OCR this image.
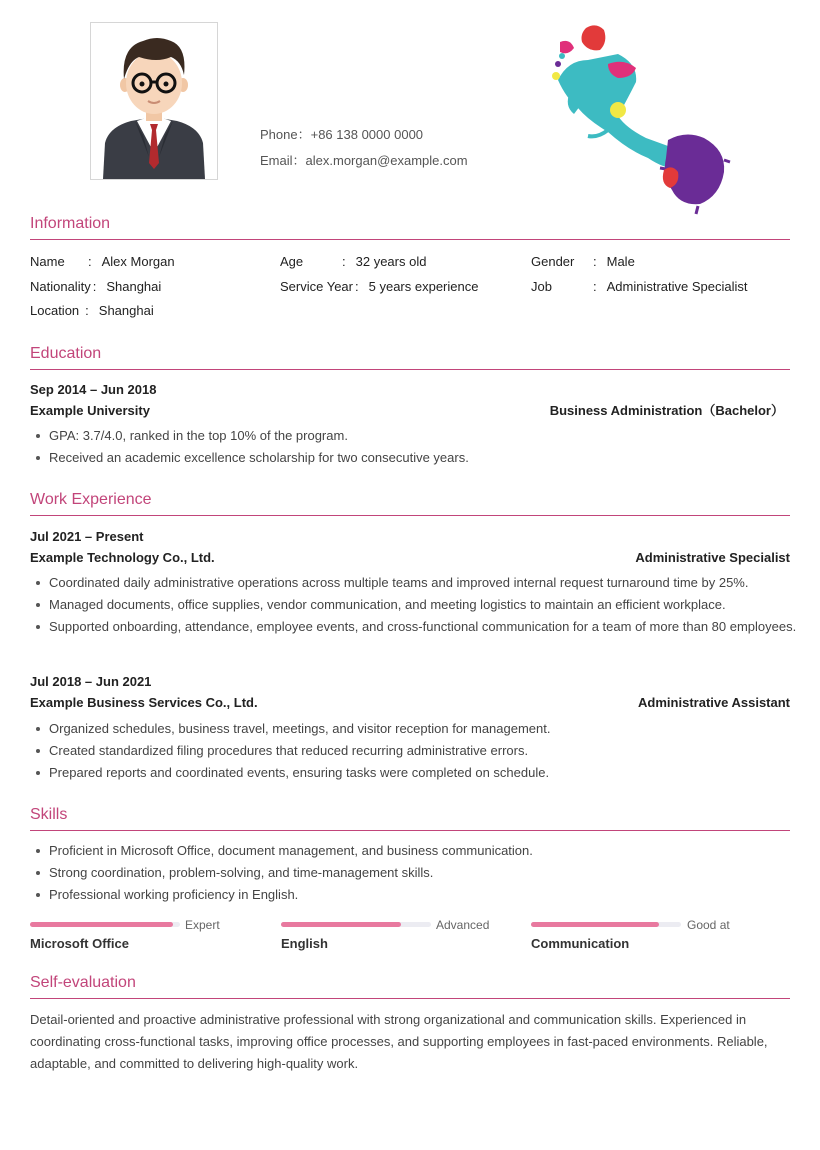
Phone：+86 138 0000 0000
Email：alex.morgan@example.com
Information
Name : Alex Morgan	Age	: 32 years old	Gender : Male
Nationality : Shanghai	Service Year : 5 years experience	Job	: Administrative Specialist
Location : Shanghai
Education
Sep 2014 – Jun 2018
Example University	Business Administration（Bachelor）
GPA: 3.7/4.0, ranked in the top 10% of the program.
Received an academic excellence scholarship for two consecutive years.
Work Experience
Jul 2021 – Present
Example Technology Co., Ltd.	Administrative Specialist
Coordinated daily administrative operations across multiple teams and improved internal request turnaround time by 25%.
Managed documents, office supplies, vendor communication, and meeting logistics to maintain an efficient workplace.
Supported onboarding, attendance, employee events, and cross-functional communication for a team of more than 80 employees.
Jul 2018 – Jun 2021
Example Business Services Co., Ltd.	Administrative Assistant
Organized schedules, business travel, meetings, and visitor reception for management.
Created standardized filing procedures that reduced recurring administrative errors.
Prepared reports and coordinated events, ensuring tasks were completed on schedule.
Skills
Proficient in Microsoft Office, document management, and business communication.
Strong coordination, problem-solving, and time-management skills.
Professional working proficiency in English.
Expert
Microsoft Office
Advanced
English
Good at
Communication
Self-evaluation
Detail-oriented and proactive administrative professional with strong organizational and communication skills. Experienced in coordinating cross-functional tasks, improving office processes, and supporting employees in fast-paced environments. Reliable, adaptable, and committed to delivering high-quality work.
